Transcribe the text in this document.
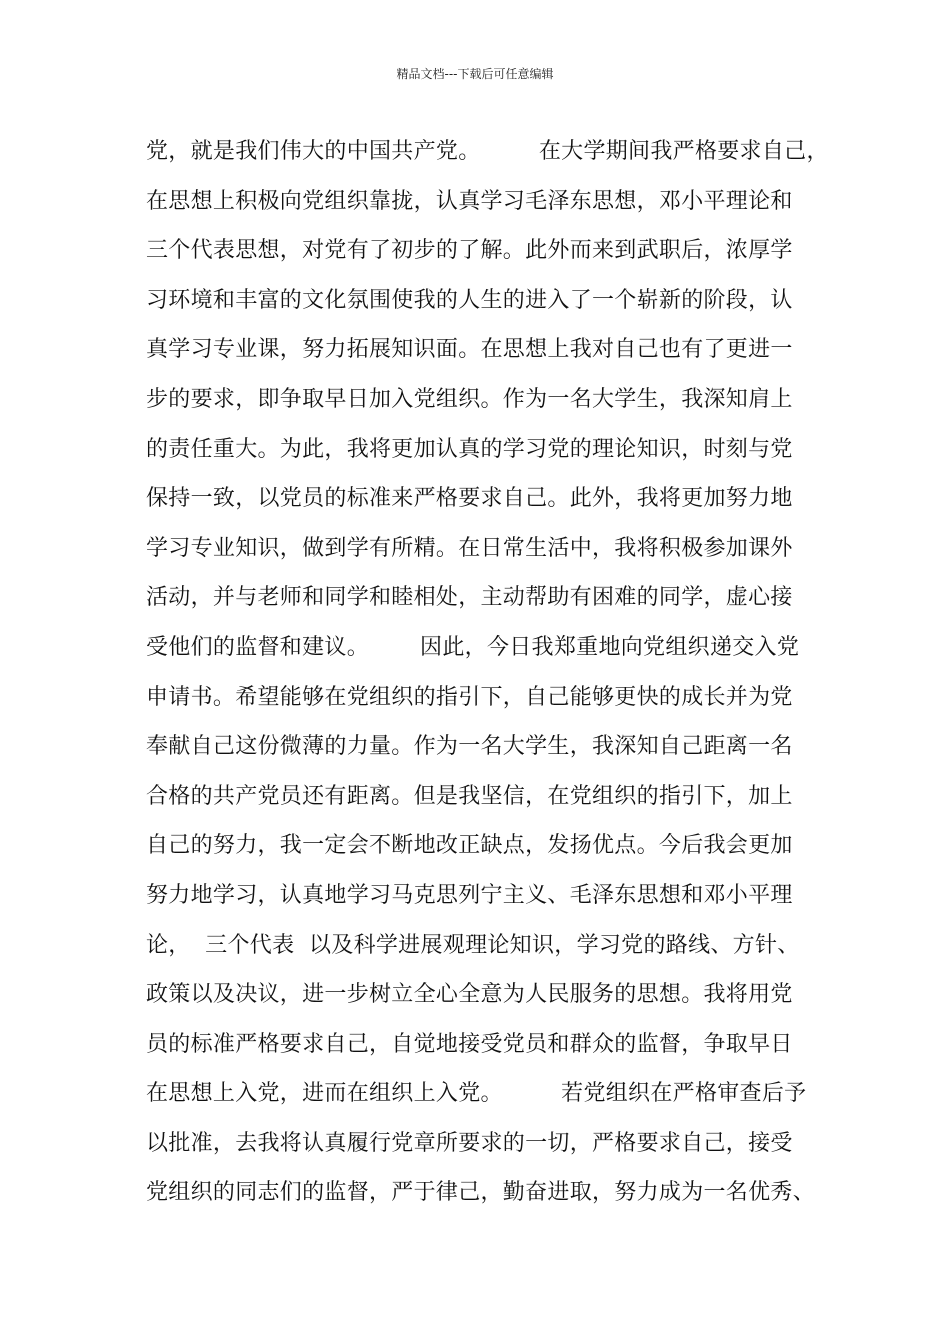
精品文档---下载后可任意编辑
党，就是我们伟大的中国共产党。        在大学期间我严格要求自己，
在思想上积极向党组织靠拢，认真学习毛泽东思想，邓小平理论和
三个代表思想，对党有了初步的了解。此外而来到武职后，浓厚学
习环境和丰富的文化氛围使我的人生的进入了一个崭新的阶段，认
真学习专业课，努力拓展知识面。在思想上我对自己也有了更进一
步的要求，即争取早日加入党组织。作为一名大学生，我深知肩上
的责任重大。为此，我将更加认真的学习党的理论知识，时刻与党
保持一致，以党员的标准来严格要求自己。此外，我将更加努力地
学习专业知识，做到学有所精。在日常生活中，我将积极参加课外
活动，并与老师和同学和睦相处，主动帮助有困难的同学，虚心接
受他们的监督和建议。       因此，今日我郑重地向党组织递交入党
申请书。希望能够在党组织的指引下，自己能够更快的成长并为党
奉献自己这份微薄的力量。作为一名大学生，我深知自己距离一名
合格的共产党员还有距离。但是我坚信，在党组织的指引下，加上
自己的努力，我一定会不断地改正缺点，发扬优点。今后我会更加
努力地学习，认真地学习马克思列宁主义、毛泽东思想和邓小平理
论，  三个代表  以及科学进展观理论知识，学习党的路线、方针、
政策以及决议，进一步树立全心全意为人民服务的思想。我将用党
员的标准严格要求自己，自觉地接受党员和群众的监督，争取早日
在思想上入党，进而在组织上入党。        若党组织在严格审查后予
以批准，去我将认真履行党章所要求的一切，严格要求自己，接受
党组织的同志们的监督，严于律己，勤奋进取，努力成为一名优秀、
